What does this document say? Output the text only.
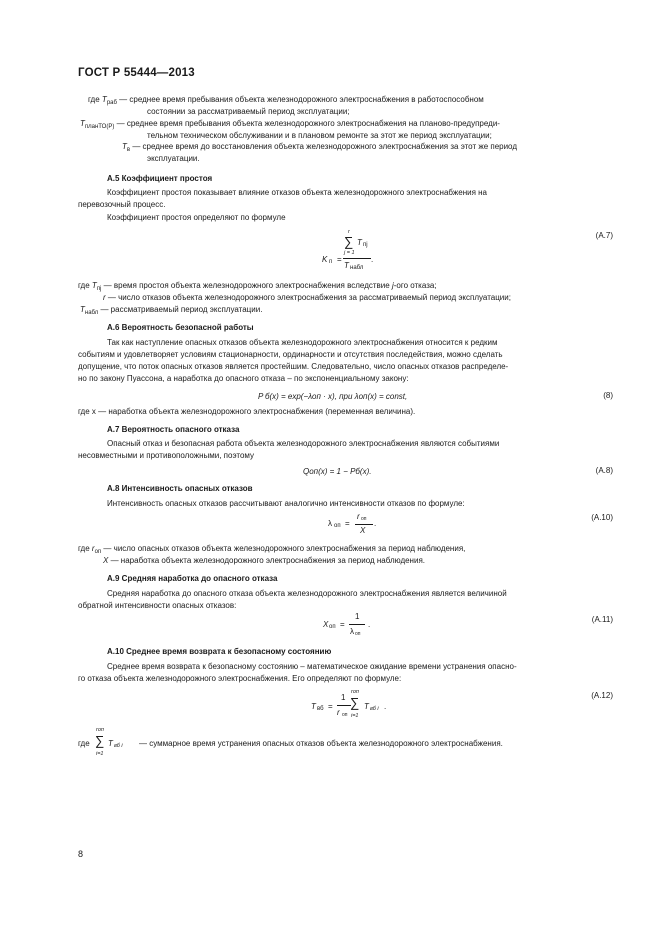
ГОСТ Р 55444—2013
где $T_{раб}$ — среднее время пребывания объекта железнодорожного электроснабжения в работоспособном
состоянии за рассматриваемый период эксплуатации;
$T_{планТО(Р)}$ — среднее время пребывания объекта железнодорожного электроснабжения на планово-предупреди-
тельном техническом обслуживании и в плановом ремонте за этот же период эксплуатации;
$T_в$ — среднее время до восстановления объекта железнодорожного электроснабжения за этот же период
эксплуатации.
А.5 Коэффициент простоя
Коэффициент простоя показывает влияние отказов объекта железнодорожного электроснабжения на
перевозочный процесс.
Коэффициент простоя определяют по формуле
K п =
r
∑ T пj
j = 1
T набл
.
(А.7)
где $T_{пj}$ — время простоя объекта железнодорожного электроснабжения вследствие j-ого отказа;
r — число отказов объекта железнодорожного электроснабжения за рассматриваемый период эксплуатации;
$T_{набл}$ — рассматриваемый период эксплуатации.
А.6 Вероятность безопасной работы
Так как наступление опасных отказов объекта железнодорожного электроснабжения относится к редким
событиям и удовлетворяет условиям стационарности, ординарности и отсутствия последействия, можно сделать
допущение, что поток опасных отказов является простейшим. Следовательно, число опасных отказов распределе-
но по закону Пуассона, а наработка до опасного отказа – по экспоненциальному закону:
P б(x) = exp(−λоп · x), при λоп(x) = const,	(8)
где x — наработка объекта железнодорожного электроснабжения (переменная величина).
А.7 Вероятность опасного отказа
Опасный отказ и безопасная работа объекта железнодорожного электроснабжения являются событиями
несовместными и противоположными, поэтому
Qоп(x) = 1 − Pб(x).	(А.8)
А.8 Интенсивность опасных отказов
Интенсивность опасных отказов рассчитывают аналогично интенсивности отказов по формуле:
λ оп =
r оп
X
.
(А.10)
где $r_{оп}$ — число опасных отказов объекта железнодорожного электроснабжения за период наблюдения,
X — наработка объекта железнодорожного электроснабжения за период наблюдения.
А.9 Средняя наработка до опасного отказа
Средняя наработка до опасного отказа объекта железнодорожного электроснабжения является величиной
обратной интенсивности опасных отказов:
X оп =
1
λ оп
.
(А.11)
А.10 Среднее время возврата к безопасному состоянию
Среднее время возврата к безопасному состоянию – математическое ожидание времени устранения опасно-
го отказа объекта железнодорожного электроснабжения. Его определяют по формуле:
T вб =
1
r оп
rоп
∑
i=1
T вб i .
(А.12)
где
rоп
∑
i=1
T вб i — суммарное время устранения опасных отказов объекта железнодорожного электроснабжения.
8
